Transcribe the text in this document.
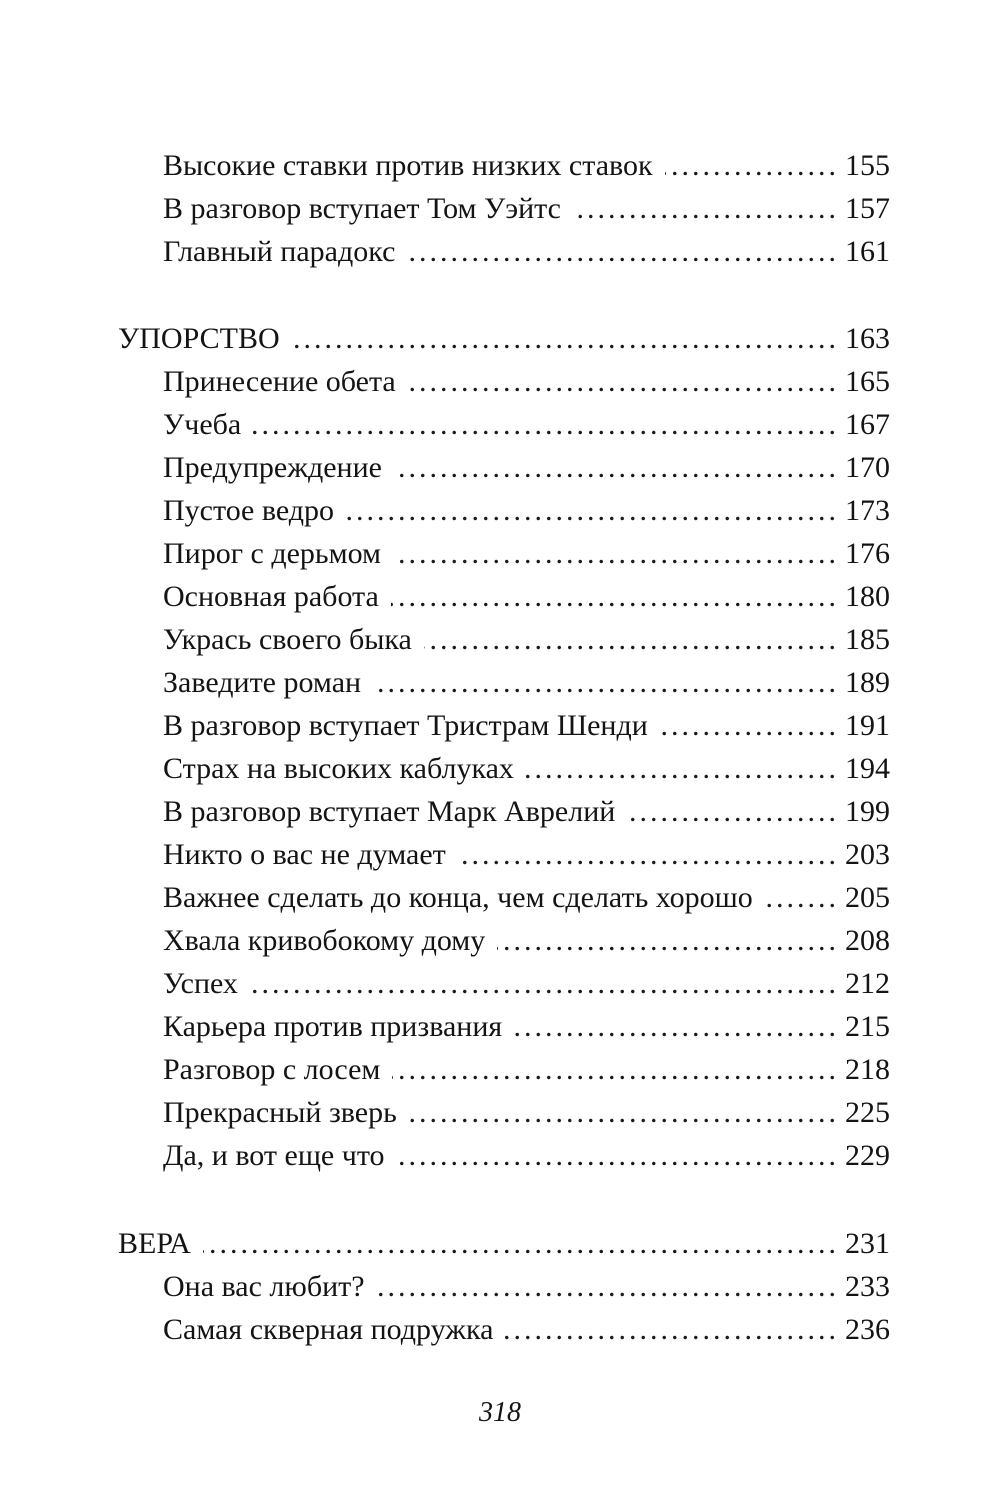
Высокие ставки против низких ставок .....	155
В разговор вступает Том Уэйтс .....	157
Главный парадокс .....	161
УПОРСТВО .....	163
Принесение обета .....	165
Учеба .....	167
Предупреждение .....	170
Пустое ведро .....	173
Пирог с дерьмом .....	176
Основная работа .....	180
Укрась своего быка .....	185
Заведите роман .....	189
В разговор вступает Тристрам Шенди .....	191
Страх на высоких каблуках .....	194
В разговор вступает Марк Аврелий .....	199
Никто о вас не думает .....	203
Важнее сделать до конца, чем сделать хорошо .....	205
Хвала кривобокому дому .....	208
Успех .....	212
Карьера против призвания .....	215
Разговор с лосем .....	218
Прекрасный зверь .....	225
Да, и вот еще что .....	229
ВЕРА .....	231
Она вас любит? .....	233
Самая скверная подружка .....	236
318
